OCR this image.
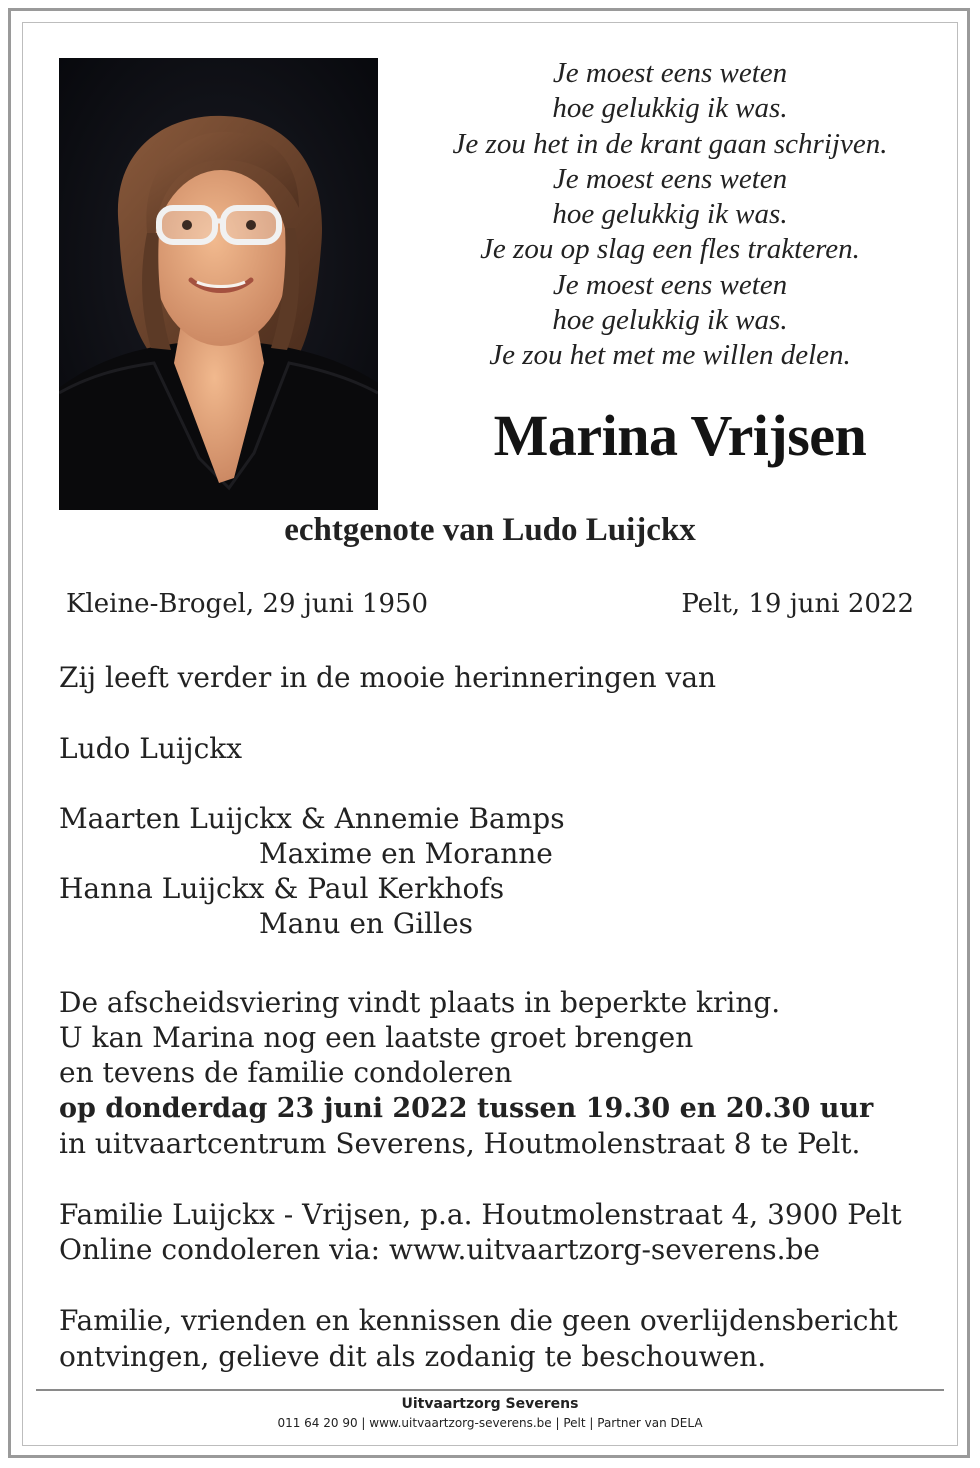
Je moest eens weten
hoe gelukkig ik was.
Je zou het in de krant gaan schrijven.
Je moest eens weten
hoe gelukkig ik was.
Je zou op slag een fles trakteren.
Je moest eens weten
hoe gelukkig ik was.
Je zou het met me willen delen.
Marina Vrijsen
echtgenote van Ludo Luijckx
Kleine-Brogel, 29 juni 1950	Pelt, 19 juni 2022
Zij leeft verder in de mooie herinneringen van
Ludo Luijckx
Maarten Luijckx & Annemie Bamps
Maxime en Moranne
Hanna Luijckx & Paul Kerkhofs
Manu en Gilles
De afscheidsviering vindt plaats in beperkte kring.
U kan Marina nog een laatste groet brengen
en tevens de familie condoleren
op donderdag 23 juni 2022 tussen 19.30 en 20.30 uur
in uitvaartcentrum Severens, Houtmolenstraat 8 te Pelt.
Familie Luijckx - Vrijsen, p.a. Houtmolenstraat 4, 3900 Pelt
Online condoleren via: www.uitvaartzorg-severens.be
Familie, vrienden en kennissen die geen overlijdensbericht
ontvingen, gelieve dit als zodanig te beschouwen.
Uitvaartzorg Severens
011 64 20 90 | www.uitvaartzorg-severens.be | Pelt | Partner van DELA
